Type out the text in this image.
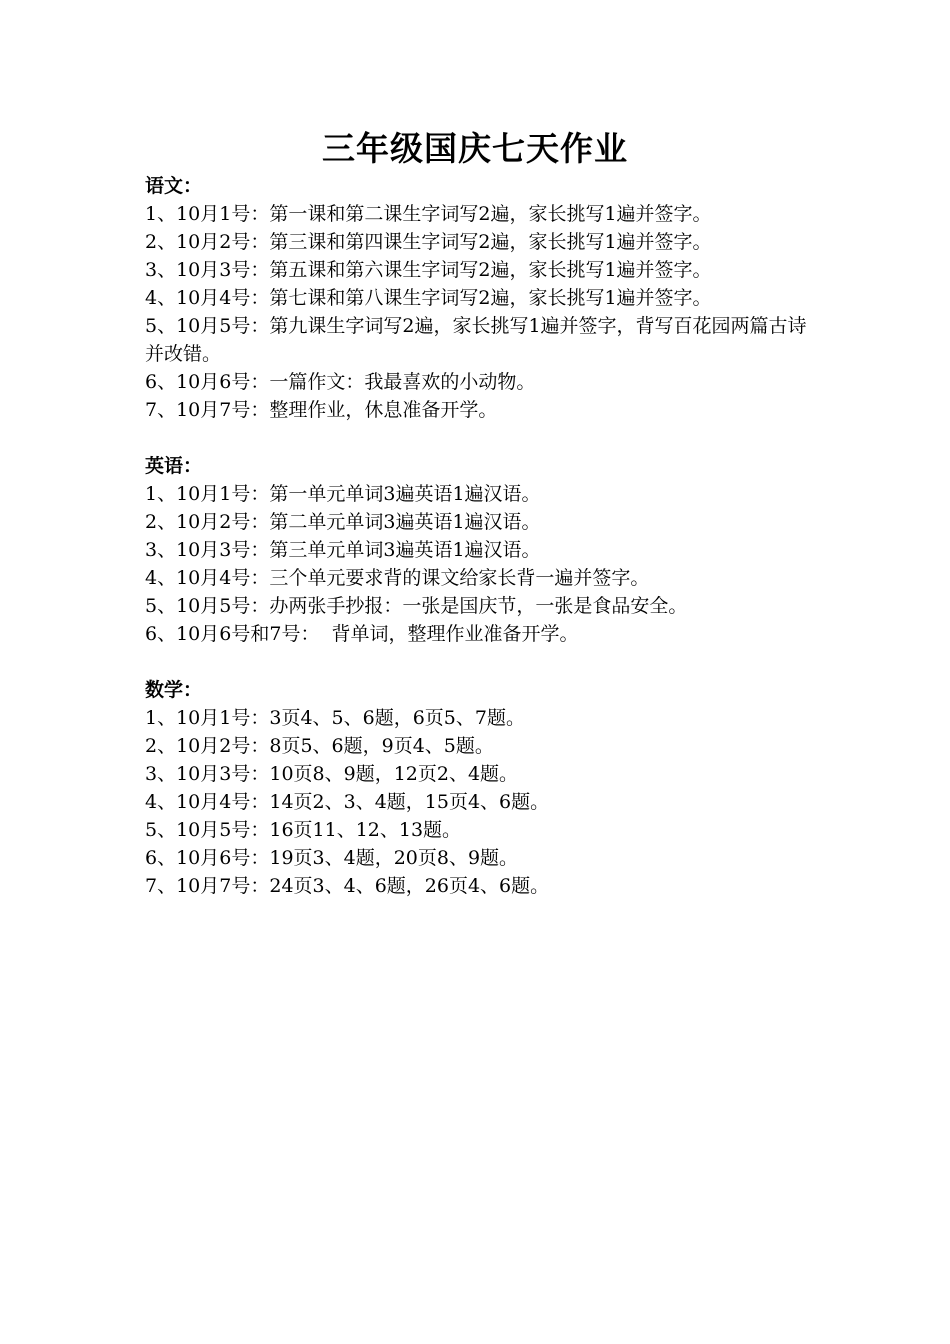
三年级国庆七天作业
语文：
1、10月1号：第一课和第二课生字词写2遍，家长挑写1遍并签字。
2、10月2号：第三课和第四课生字词写2遍，家长挑写1遍并签字。
3、10月3号：第五课和第六课生字词写2遍，家长挑写1遍并签字。
4、10月4号：第七课和第八课生字词写2遍，家长挑写1遍并签字。
5、10月5号：第九课生字词写2遍，家长挑写1遍并签字，背写百花园两篇古诗并改错。
6、10月6号：一篇作文：我最喜欢的小动物。
7、10月7号：整理作业，休息准备开学。
英语：
1、10月1号：第一单元单词3遍英语1遍汉语。
2、10月2号：第二单元单词3遍英语1遍汉语。
3、10月3号：第三单元单词3遍英语1遍汉语。
4、10月4号：三个单元要求背的课文给家长背一遍并签字。
5、10月5号：办两张手抄报：一张是国庆节，一张是食品安全。
6、10月6号和7号：  背单词，整理作业准备开学。
数学：
1、10月1号：3页4、5、6题，6页5、7题。
2、10月2号：8页5、6题，9页4、5题。
3、10月3号：10页8、9题，12页2、4题。
4、10月4号：14页2、3、4题，15页4、6题。
5、10月5号：16页11、12、13题。
6、10月6号：19页3、4题，20页8、9题。
7、10月7号：24页3、4、6题，26页4、6题。
